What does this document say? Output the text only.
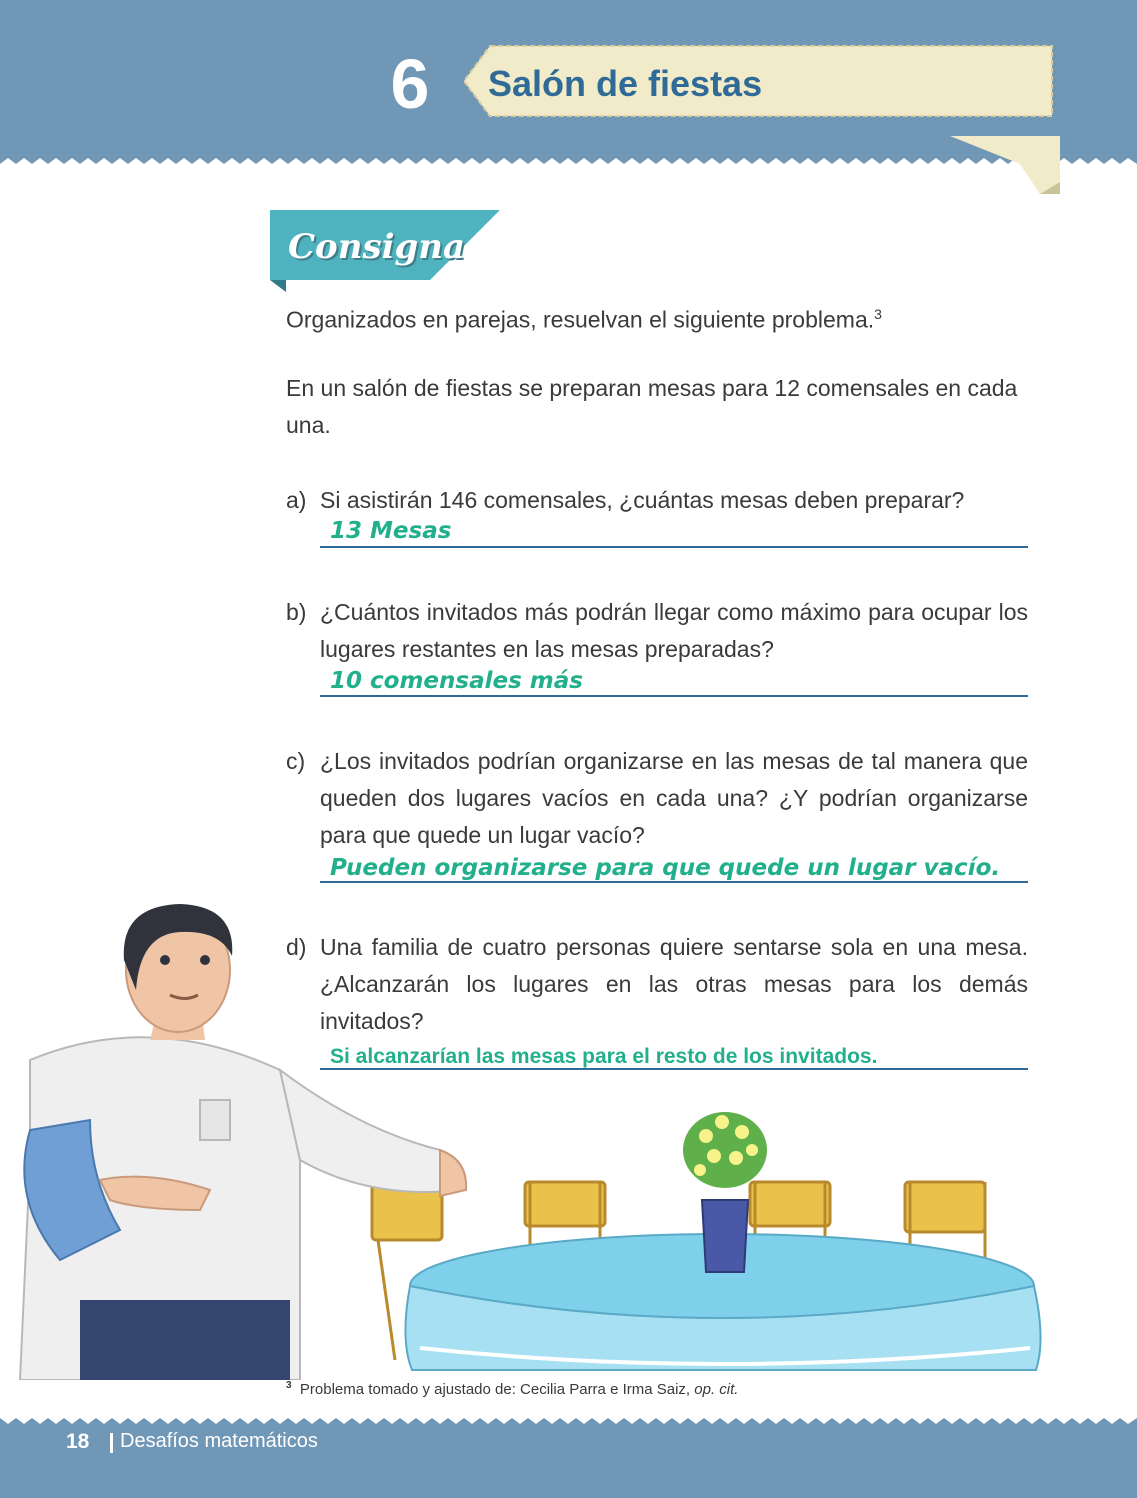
6 Salón de fiestas
Consigna

Organizados en parejas, resuelvan el siguiente problema.$^3$

En un salón de fiestas se preparan mesas para 12 comensales en cada una.

a) Si asistirán 146 comensales, ¿cuántas mesas deben preparar?

13 Mesas
b) ¿Cuántos invitados más podrán llegar como máximo para ocupar los lugares restantes en las mesas preparadas?

10 comensales más
c) ¿Los invitados podrían organizarse en las mesas de tal manera que queden dos lugares vacíos en cada una? ¿Y podrían organizarse para que quede un lugar vacío?

Pueden organizarse para que quede un lugar vacío.
d) Una familia de cuatro personas quiere sentarse sola en una mesa. ¿Alcanzarán los lugares en las otras mesas para los demás invitados?

Si alcanzarían las mesas para el resto de los invitados.
$^3$ Problema tomado y ajustado de: Cecilia Parra e Irma Saiz, op. cit.
18 Desafíos matemáticos
